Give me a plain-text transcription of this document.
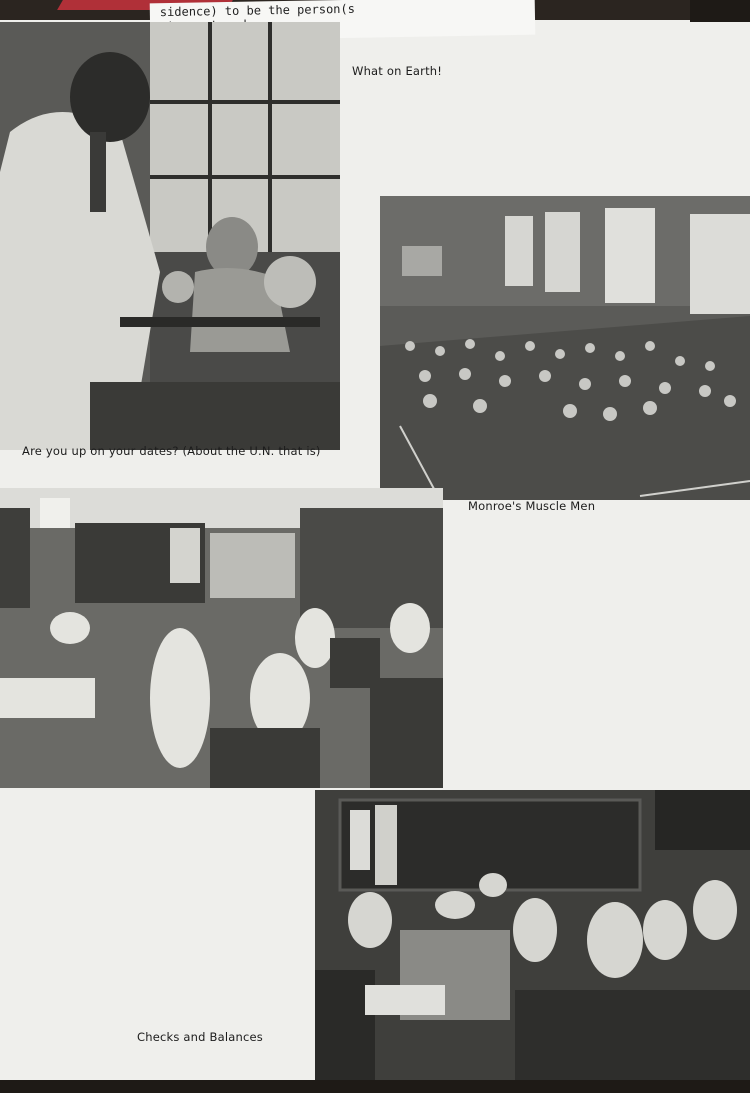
sidence) to be the person(s

What on Earth!
Are you up on your dates? (About the U.N. that is)
Monroe's Muscle Men
Checks and Balances
